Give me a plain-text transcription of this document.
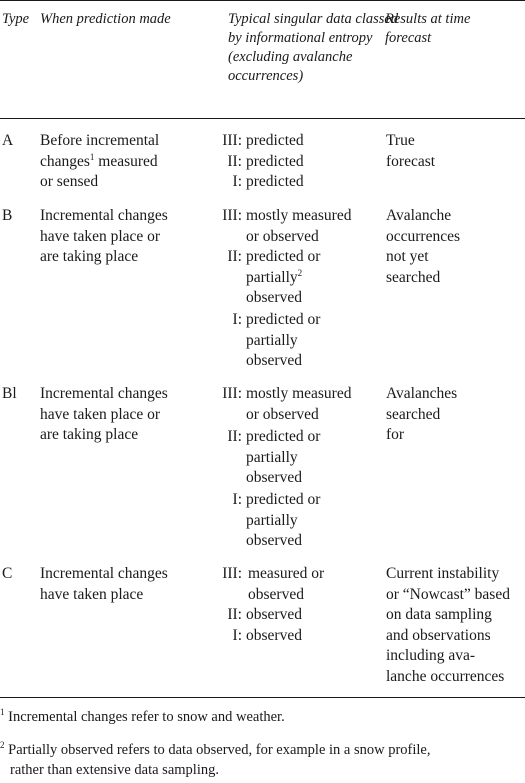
Type When prediction made	Typical singular data classed
by informational entropy
(excluding avalanche
occurrences)
Results at time
forecast
A Before incremental
changes$^1$ measured
or sensed
III: predicted
II: predicted
I: predicted
True
forecast
B Incremental changes
have taken place or
are taking place
III: mostly measured
or observed
II: predicted or
partially$^2$
observed
I: predicted or
partially
observed
Avalanche
occurrences
not yet
searched
Bl Incremental changes
have taken place or
are taking place
III: mostly measured
or observed
II: predicted or
partially
observed
I: predicted or
partially
observed
Avalanches
searched
for
C Incremental changes
have taken place
III: measured or
observed
II: observed
I: observed
Current instability
or “Nowcast” based
on data sampling
and observations
including ava-
lanche occurrences
$^1$ Incremental changes refer to snow and weather.
$^2$ Partially observed refers to data observed, for example in a snow profile,
rather than extensive data sampling.
